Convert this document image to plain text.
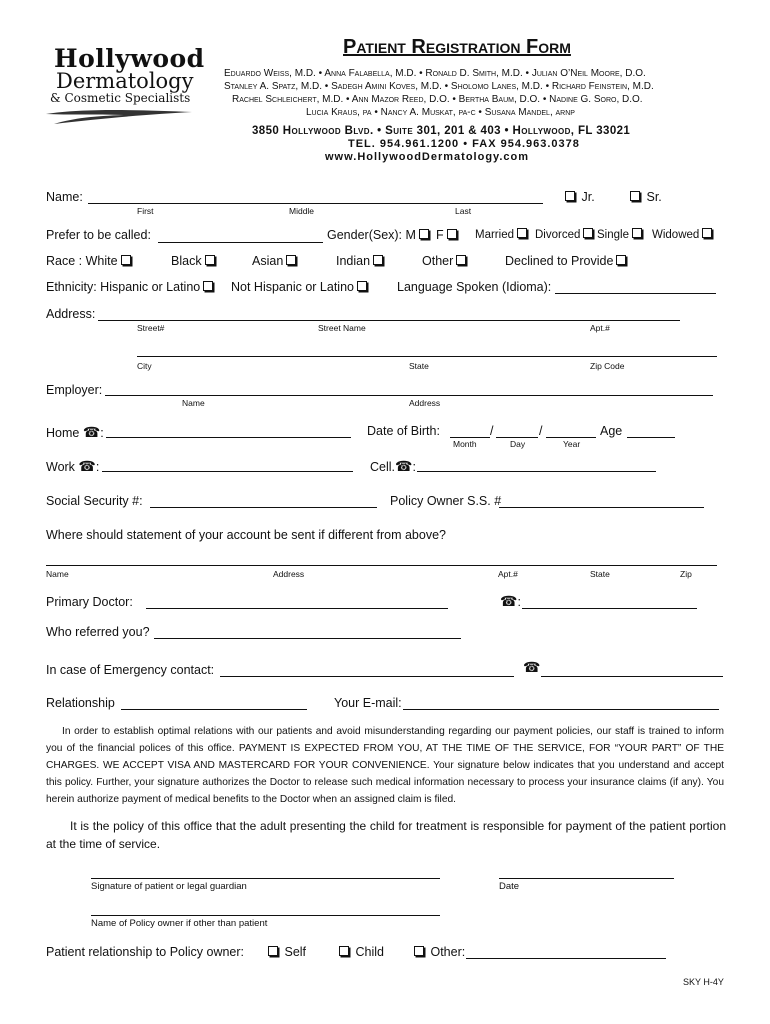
Hollywood
Dermatology
& Cosmetic Specialists
Patient Registration Form
Eduardo Weiss, M.D. • Anna Falabella, M.D. • Ronald D. Smith, M.D. • Julian O’Neil Moore, D.O.
Stanley A. Spatz, M.D. • Sadegh Amini Koves, M.D. • Sholomo Lanes, M.D. • Richard Feinstein, M.D.
Rachel Schleichert, M.D. • Ann Mazor Reed, D.O. • Bertha Baum, D.O. • Nadine G. Soro, D.O.
Lucia Kraus, pa • Nancy A. Muskat, pa-c • Susana Mandel, arnp
3850 Hollywood Blvd. • Suite 301, 201 & 403 • Hollywood, FL 33021
TEL. 954.961.1200 • FAX 954.963.0378
www.HollywoodDermatology.com
Name:
First	Middle	Last
Jr.	Sr.
Prefer to be called:	Gender(Sex): M	F	Married	Divorced	Single	Widowed
Race : White	Black	Asian	Indian	Other	Declined to Provide
Ethnicity: Hispanic or Latino	Not Hispanic or Latino	Language Spoken (Idioma):
Address:
Street#	Street Name	Apt.#
City	State	Zip Code
Employer:
Name	Address
Home ☎:	Date of Birth:	/	/	Age
Month	Day	Year
Work ☎:	Cell.☎:
Social Security #:	Policy Owner S.S. #
Where should statement of your account be sent if different from above?
Name	Address	Apt.#	State	Zip
Primary Doctor:	☎:
Who referred you?
In case of Emergency contact:	☎
Relationship	Your E-mail:

In order to establish optimal relations with our patients and avoid misunderstanding regarding our payment policies, our staff is trained to inform you of the financial polices of this office. PAYMENT IS EXPECTED FROM YOU, AT THE TIME OF THE SERVICE, FOR “YOUR PART” OF THE CHARGES. WE ACCEPT VISA AND MASTERCARD FOR YOUR CONVENIENCE. Your signature below indicates that you understand and accept this policy. Further, your signature authorizes the Doctor to release such medical information necessary to process your insurance claims (if any). You herein authorize payment of medical benefits to the Doctor when an assigned claim is filed.

It is the policy of this office that the adult presenting the child for treatment is responsible for payment of the patient portion at the time of service.

Signature of patient or legal guardian	Date
Name of Policy owner if other than patient
Patient relationship to Policy owner:	Self	Child	Other:
SKY H-4Y
